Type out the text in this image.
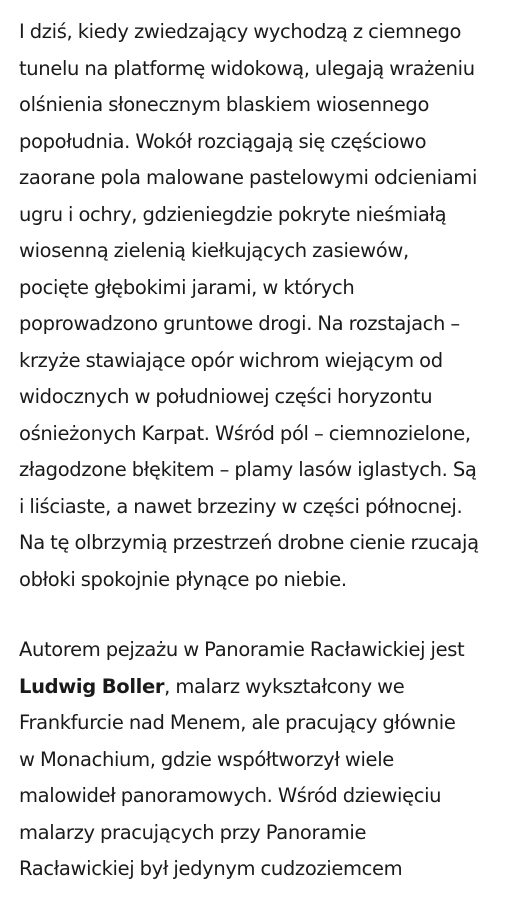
I dziś, kiedy zwiedzający wychodzą z ciemnego
tunelu na platformę widokową, ulegają wrażeniu
olśnienia słonecznym blaskiem wiosennego
popołudnia. Wokół rozciągają się częściowo
zaorane pola malowane pastelowymi odcieniami
ugru i ochry, gdzieniegdzie pokryte nieśmiałą
wiosenną zielenią kiełkujących zasiewów,
pocięte głębokimi jarami, w których
poprowadzono gruntowe drogi. Na rozstajach –
krzyże stawiające opór wichrom wiejącym od
widocznych w południowej części horyzontu
ośnieżonych Karpat. Wśród pól – ciemnozielone,
złagodzone błękitem – plamy lasów iglastych. Są
i liściaste, a nawet brzeziny w części północnej.
Na tę olbrzymią przestrzeń drobne cienie rzucają
obłoki spokojnie płynące po niebie.

Autorem pejzażu w Panoramie Racławickiej jest
Ludwig Boller, malarz wykształcony we
Frankfurcie nad Menem, ale pracujący głównie
w Monachium, gdzie współtworzył wiele
malowideł panoramowych. Wśród dziewięciu
malarzy pracujących przy Panoramie
Racławickiej był jedynym cudzoziemcem
